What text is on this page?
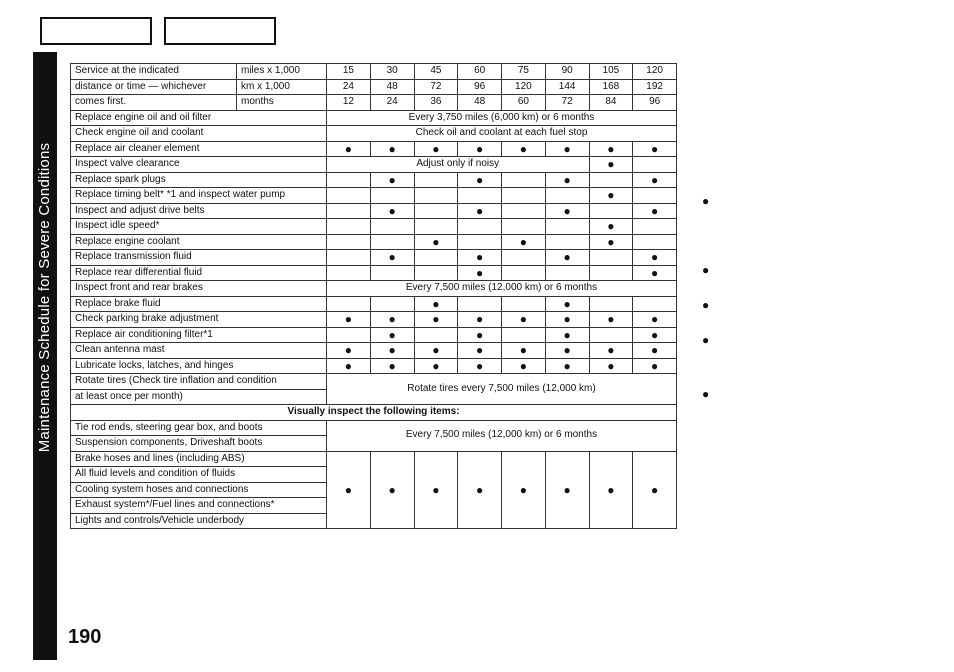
Maintenance Schedule for Severe Conditions
Service at the indicated	miles x 1,000	15	30	45	60	75	90	105	120
distance or time — whichever	km x 1,000	24	48	72	96	120	144	168	192
comes first.	months	12	24	36	48	60	72	84	96
Replace engine oil and oil filter		Every 3,750 miles (6,000 km) or 6 months							
Check engine oil and coolant		Check oil and coolant at each fuel stop							
Replace air cleaner element		●	●	●	●	●	●	●	●
Inspect valve clearance		Adjust only if noisy						●	
Replace spark plugs			●		●		●		●
Replace timing belt* *1 and inspect water pump								●	
Inspect and adjust drive belts			●		●		●		●
Inspect idle speed*								●	
Replace engine coolant				●		●		●	
Replace transmission fluid			●		●		●		●
Replace rear differential fluid					●				●
Inspect front and rear brakes		Every 7,500 miles (12,000 km) or 6 months							
Replace brake fluid				●			●		
Check parking brake adjustment		●	●	●	●	●	●	●	●
Replace air conditioning filter*1			●		●		●		●
Clean antenna mast		●	●	●	●	●	●	●	●
Lubricate locks, latches, and hinges		●	●	●	●	●	●	●	●
Rotate tires (Check tire inflation and condition		Rotate tires every 7,500 miles (12,000 km)							
at least once per month)									
Visually inspect the following items:									
Tie rod ends, steering gear box, and boots		Every 7,500 miles (12,000 km) or 6 months							
Suspension components, Driveshaft boots									
Brake hoses and lines (including ABS)		●	●	●	●	●	●	●	●
All fluid levels and condition of fluids									
Cooling system hoses and connections									
Exhaust system*/Fuel lines and connections*									
Lights and controls/Vehicle underbody									
190
●
●
●
●
●
